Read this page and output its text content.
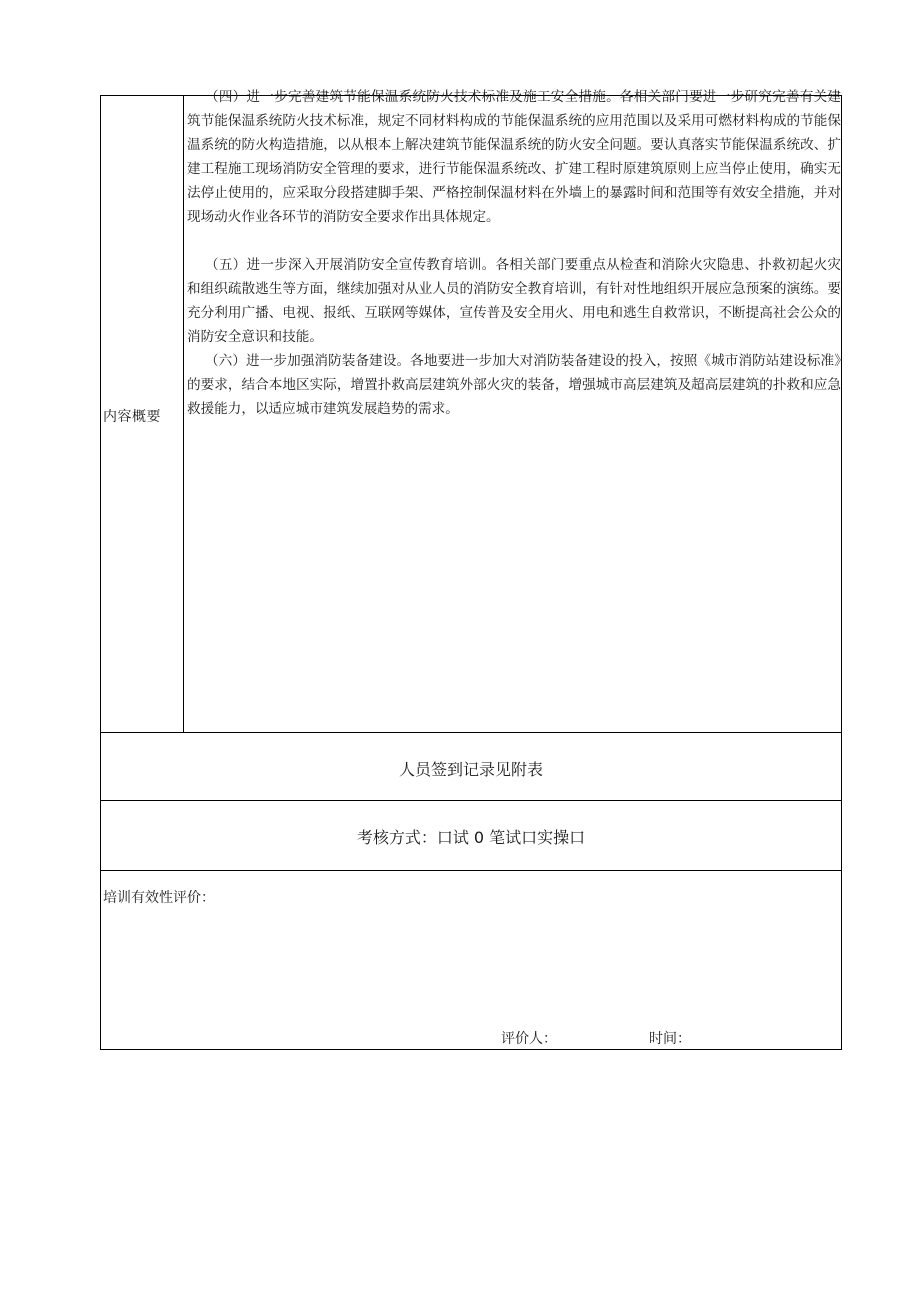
内容概要

（四）进一步完善建筑节能保温系统防火技术标准及施工安全措施。各相关部门要进一步研究完善有关建筑节能保温系统防火技术标准，规定不同材料构成的节能保温系统的应用范围以及采用可燃材料构成的节能保温系统的防火构造措施，以从根本上解决建筑节能保温系统的防火安全问题。要认真落实节能保温系统改、扩建工程施工现场消防安全管理的要求，进行节能保温系统改、扩建工程时原建筑原则上应当停止使用，确实无法停止使用的，应采取分段搭建脚手架、严格控制保温材料在外墙上的暴露时间和范围等有效安全措施，并对现场动火作业各环节的消防安全要求作出具体规定。

（五）进一步深入开展消防安全宣传教育培训。各相关部门要重点从检查和消除火灾隐患、扑救初起火灾和组织疏散逃生等方面，继续加强对从业人员的消防安全教育培训，有针对性地组织开展应急预案的演练。要充分利用广播、电视、报纸、互联网等媒体，宣传普及安全用火、用电和逃生自救常识，不断提高社会公众的消防安全意识和技能。

（六）进一步加强消防装备建设。各地要进一步加大对消防装备建设的投入，按照《城市消防站建设标准》的要求，结合本地区实际，增置扑救高层建筑外部火灾的装备，增强城市高层建筑及超高层建筑的扑救和应急救援能力，以适应城市建筑发展趋势的需求。

人员签到记录见附表
考核方式：口试 0 笔试口实操口
培训有效性评价：
评价人：	时间：
